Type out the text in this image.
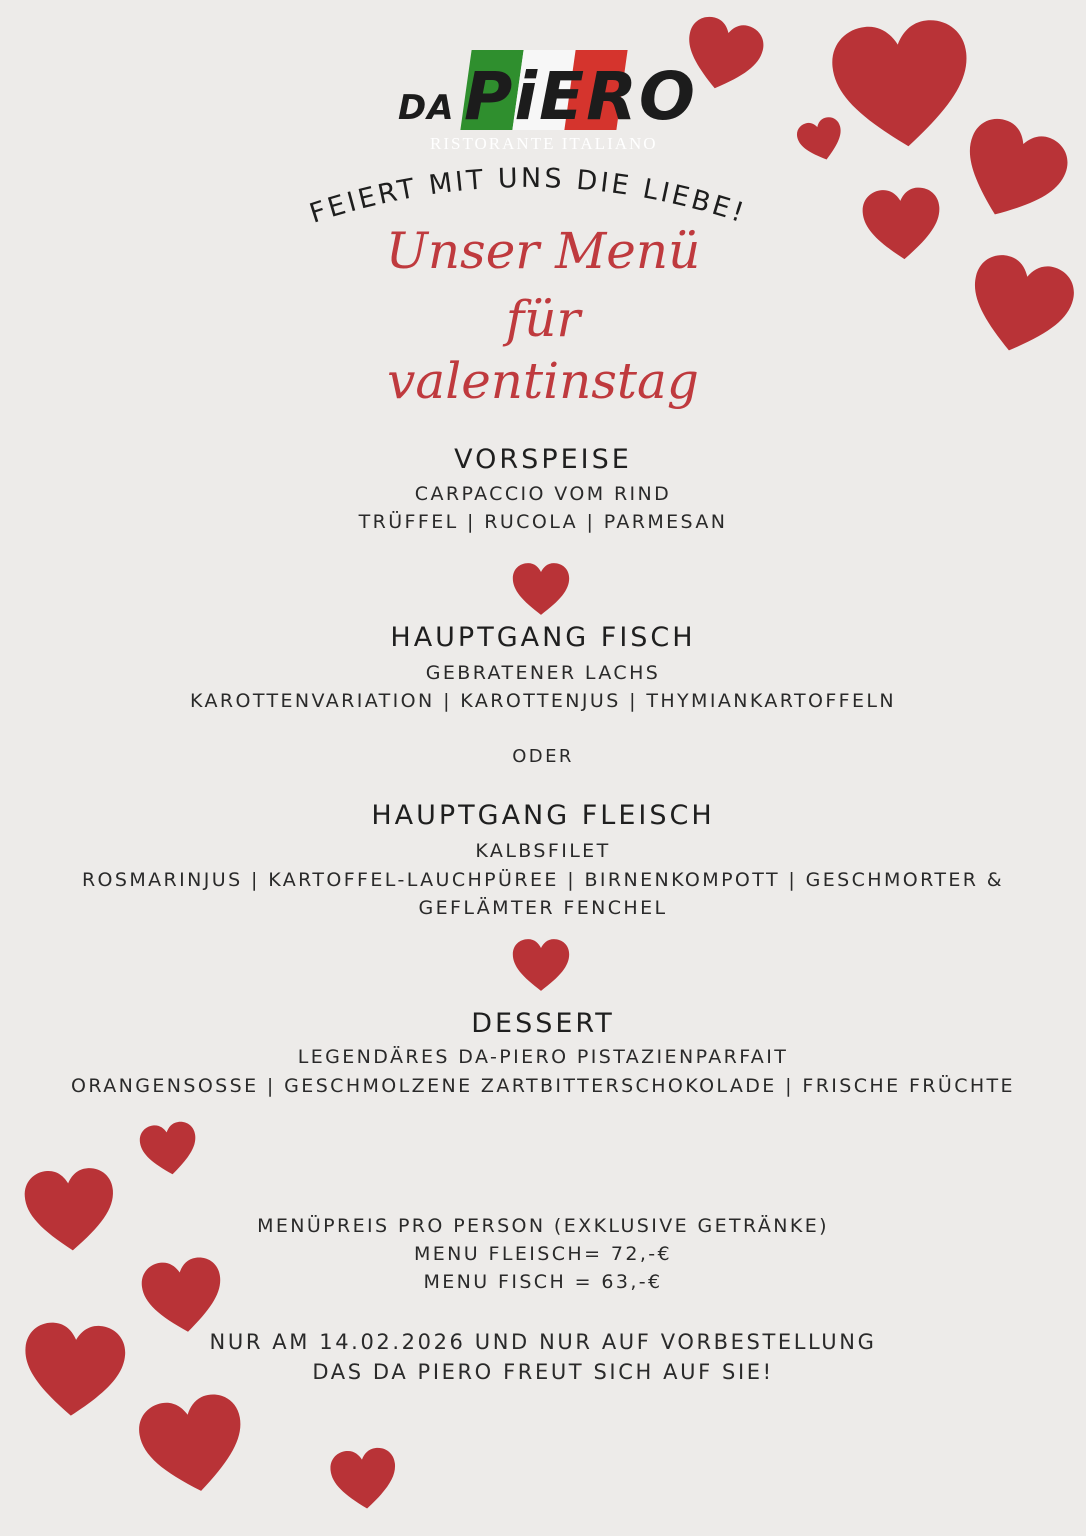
DA PiERO
RISTORANTE ITALIANO
FEIERT MIT UNS DIE LIEBE!
Unser Menü
für
valentinstag
VORSPEISE
CARPACCIO VOM RIND
TRÜFFEL | RUCOLA | PARMESAN
HAUPTGANG FISCH
GEBRATENER LACHS
KAROTTENVARIATION | KAROTTENJUS | THYMIANKARTOFFELN
ODER
HAUPTGANG FLEISCH
KALBSFILET
ROSMARINJUS | KARTOFFEL-LAUCHPÜREE | BIRNENKOMPOTT | GESCHMORTER &
GEFLÄMTER FENCHEL
DESSERT
LEGENDÄRES DA-PIERO PISTAZIENPARFAIT
ORANGENSOSSE | GESCHMOLZENE ZARTBITTERSCHOKOLADE | FRISCHE FRÜCHTE
MENÜPREIS PRO PERSON (EXKLUSIVE GETRÄNKE)
MENU FLEISCH= 72,-€
MENU FISCH = 63,-€
NUR AM 14.02.2026 UND NUR AUF VORBESTELLUNG
DAS DA PIERO FREUT SICH AUF SIE!
